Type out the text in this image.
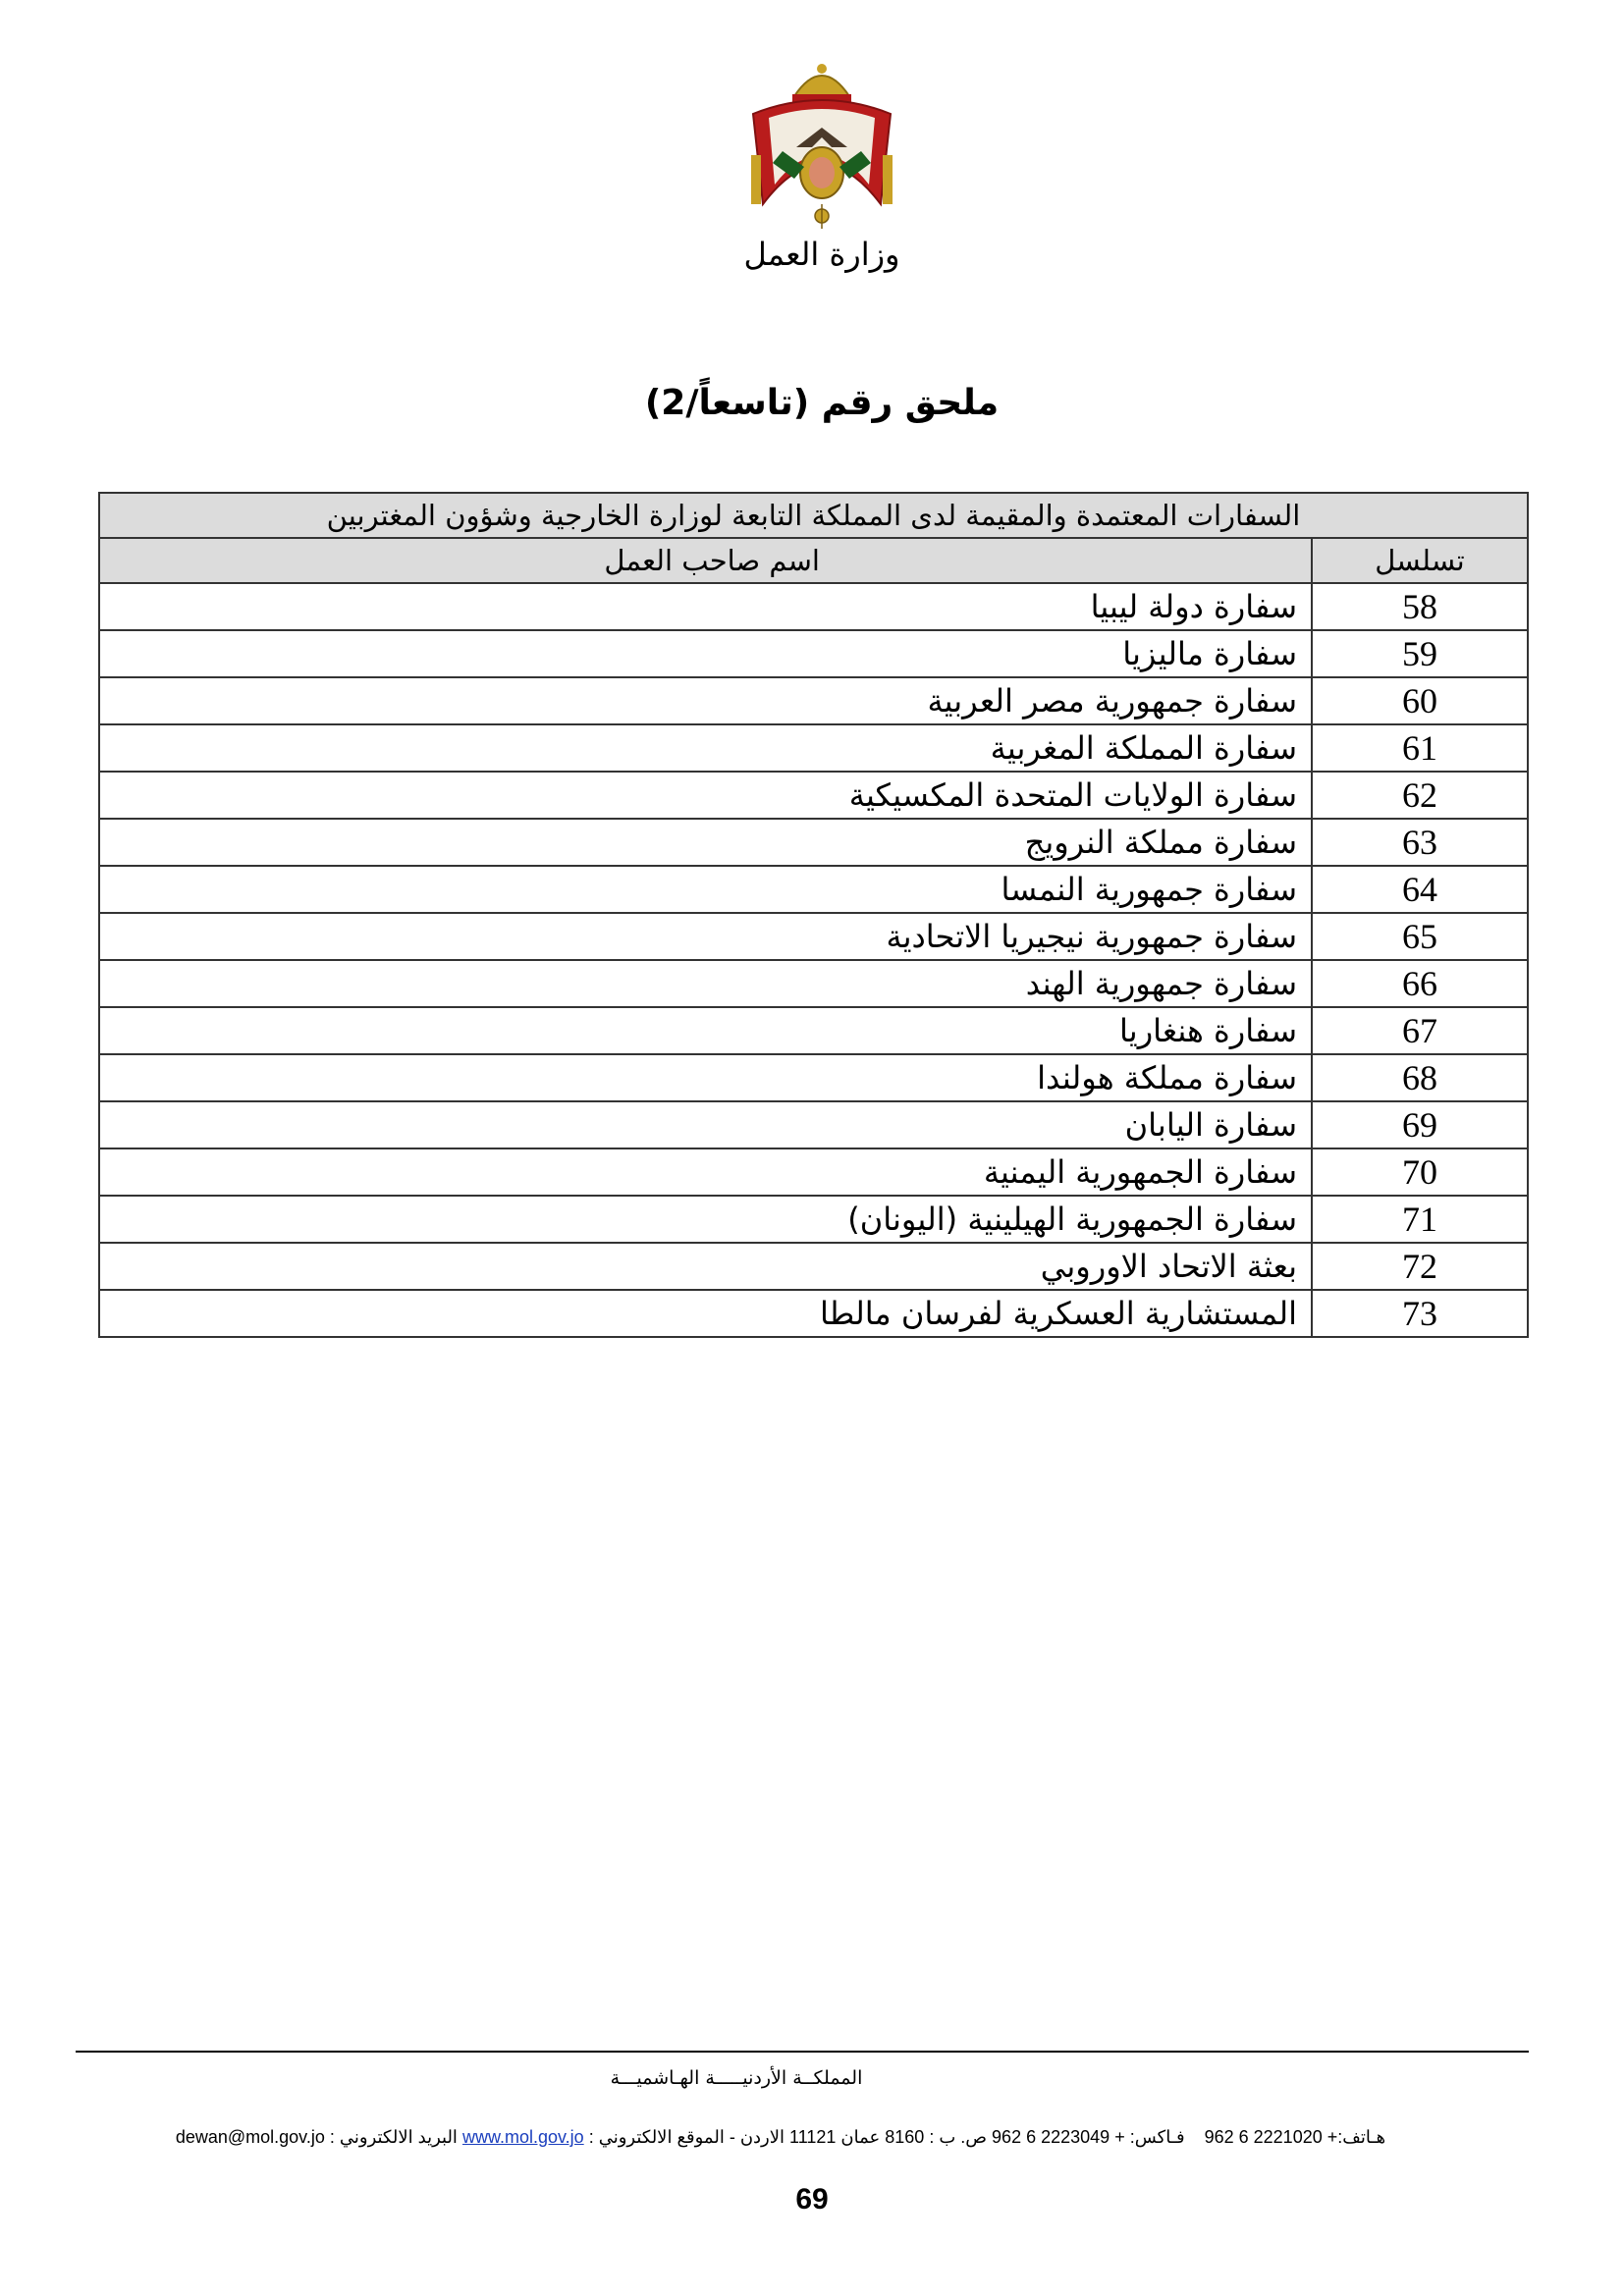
وزارة العمل
ملحق رقم (تاسعاً/2)
السفارات المعتمدة والمقيمة لدى المملكة التابعة لوزارة الخارجية وشؤون المغتربين	
تسلسل	اسم صاحب العمل
58	سفارة دولة ليبيا
59	سفارة ماليزيا
60	سفارة جمهورية مصر العربية
61	سفارة المملكة المغربية
62	سفارة الولايات المتحدة المكسيكية
63	سفارة مملكة النرويج
64	سفارة جمهورية النمسا
65	سفارة جمهورية نيجيريا الاتحادية
66	سفارة جمهورية الهند
67	سفارة هنغاريا
68	سفارة مملكة هولندا
69	سفارة اليابان
70	سفارة الجمهورية اليمنية
71	سفارة الجمهورية الهيلينية (اليونان)
72	بعثة الاتحاد الاوروبي
73	المستشارية العسكرية لفرسان مالطا
المملكــة الأردنيـــــة الهـاشميـــة
هـاتف:+ 962 6 2221020    فـاكس: + 962 6 2223049 ص. ب : 8160 عمان 11121 الاردن - الموقع الالكتروني : www.mol.gov.jo البريد الالكتروني : dewan@mol.gov.jo
69
